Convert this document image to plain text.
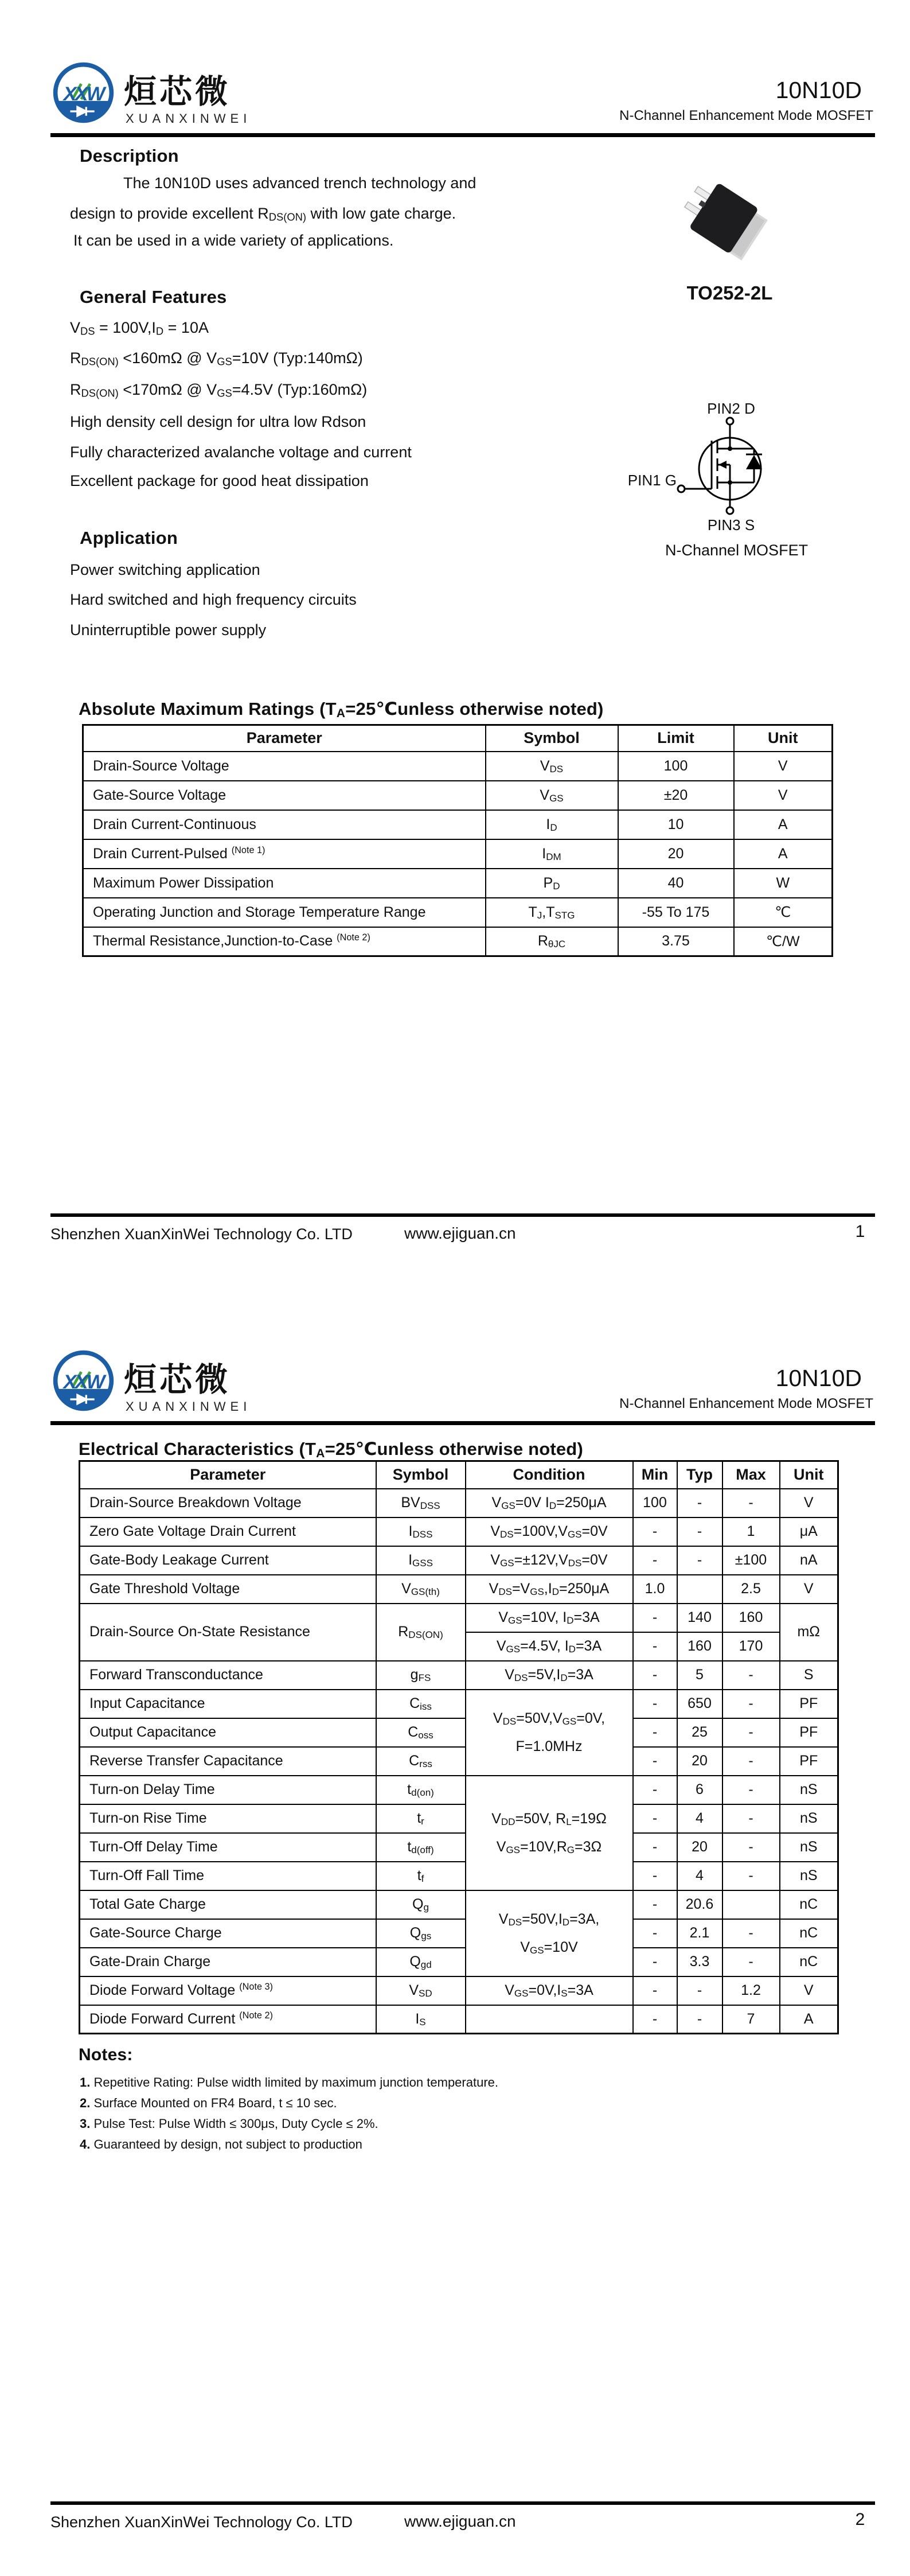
XXW 烜芯微
XUANXINWEI
10N10D
N-Channel Enhancement Mode MOSFET
Description
The 10N10D uses advanced trench technology and
design to provide excellent $R_{DS(ON)}$ with low gate charge.
It can be used in a wide variety of applications.
General Features
$V_{DS} = 100V,I_D = 10A$
$R_{DS(ON)} <160m\Omega$ @ $V_{GS}=10V$ (Typ:140mΩ)
$R_{DS(ON)} <170m\Omega$ @ $V_{GS}=4.5V$ (Typ:160mΩ)
High density cell design for ultra low Rdson
Fully characterized avalanche voltage and current
Excellent package for good heat dissipation
Application
Power switching application
Hard switched and high frequency circuits
Uninterruptible power supply
TO252-2L
PIN2 D
PIN1 G
PIN3 S
N-Channel MOSFET
Absolute Maximum Ratings ($T_A=25℃unless$ otherwise noted)
Parameter	Symbol	Limit	Unit
Drain-Source Voltage	$V_{DS}$	100	V
Gate-Source Voltage	$V_{GS}$	±20	V
Drain Current-Continuous	$I_D$	10	A
Drain Current-Pulsed $^{(Note 1)}$	$I_{DM}$	20	A
Maximum Power Dissipation	$P_D$	40	W
Operating Junction and Storage Temperature Range	$T_J,T_{STG}$	-55 To 175	℃
Thermal Resistance,Junction-to-Case $^{(Note 2)}$	$R_{\theta JC}$	3.75	℃/W
Shenzhen XuanXinWei Technology Co. LTD	www.ejiguan.cn	1
XXW 烜芯微
XUANXINWEI
10N10D
N-Channel Enhancement Mode MOSFET
Electrical Characteristics ($T_A=25℃unless$ otherwise noted)
Parameter	Symbol	Condition	Min	Typ	Max	Unit
Drain-Source Breakdown Voltage	$BV_{DSS}$	$V_{GS}=0V$ $I_D=250\mu A$	100	-	-	V
Zero Gate Voltage Drain Current	$I_{DSS}$	$V_{DS}=100V,V_{GS}=0V$	-	-	1	μA
Gate-Body Leakage Current	$I_{GSS}$	$V_{GS}=\pm 12V,V_{DS}=0V$	-	-	±100	nA
Gate Threshold Voltage	$V_{GS(th)}$	$V_{DS}=V_{GS},I_D=250\mu A$	1.0		2.5	V
Drain-Source On-State Resistance	$R_{DS(ON)}$	$V_{GS}=10V$, $I_D=3A$	-	140	160	mΩ
		$V_{GS}=4.5V$, $I_D=3A$	-	160	170	
Forward Transconductance	$g_{FS}$	$V_{DS}=5V,I_D=3A$	-	5	-	S
Input Capacitance	$C_{iss}$	$V_{DS}=50V,V_{GS}=0V$,
F=1.0MHz	-	650	-	PF
Output Capacitance	$C_{oss}$		-	25	-	PF
Reverse Transfer Capacitance	$C_{rss}$		-	20	-	PF
Turn-on Delay Time	$t_{d(on)}$	$V_{DD}=50V$, $R_L=19\Omega$
$V_{GS}=10V,R_G=3\Omega$	-	6	-	nS
Turn-on Rise Time	$t_r$		-	4	-	nS
Turn-Off Delay Time	$t_{d(off)}$		-	20	-	nS
Turn-Off Fall Time	$t_f$		-	4	-	nS
Total Gate Charge	$Q_g$	$V_{DS}=50V,I_D=3A$,
$V_{GS}=10V$	-	20.6		nC
Gate-Source Charge	$Q_{gs}$		-	2.1	-	nC
Gate-Drain Charge	$Q_{gd}$		-	3.3	-	nC
Diode Forward Voltage $^{(Note 3)}$	$V_{SD}$	$V_{GS}=0V,I_S=3A$	-	-	1.2	V
Diode Forward Current $^{(Note 2)}$	$I_S$		-	-	7	A
Notes:
1. Repetitive Rating: Pulse width limited by maximum junction temperature.
2. Surface Mounted on FR4 Board, t ≤ 10 sec.
3. Pulse Test: Pulse Width ≤ 300μs, Duty Cycle ≤ 2%.
4. Guaranteed by design, not subject to production
Shenzhen XuanXinWei Technology Co. LTD	www.ejiguan.cn	2
